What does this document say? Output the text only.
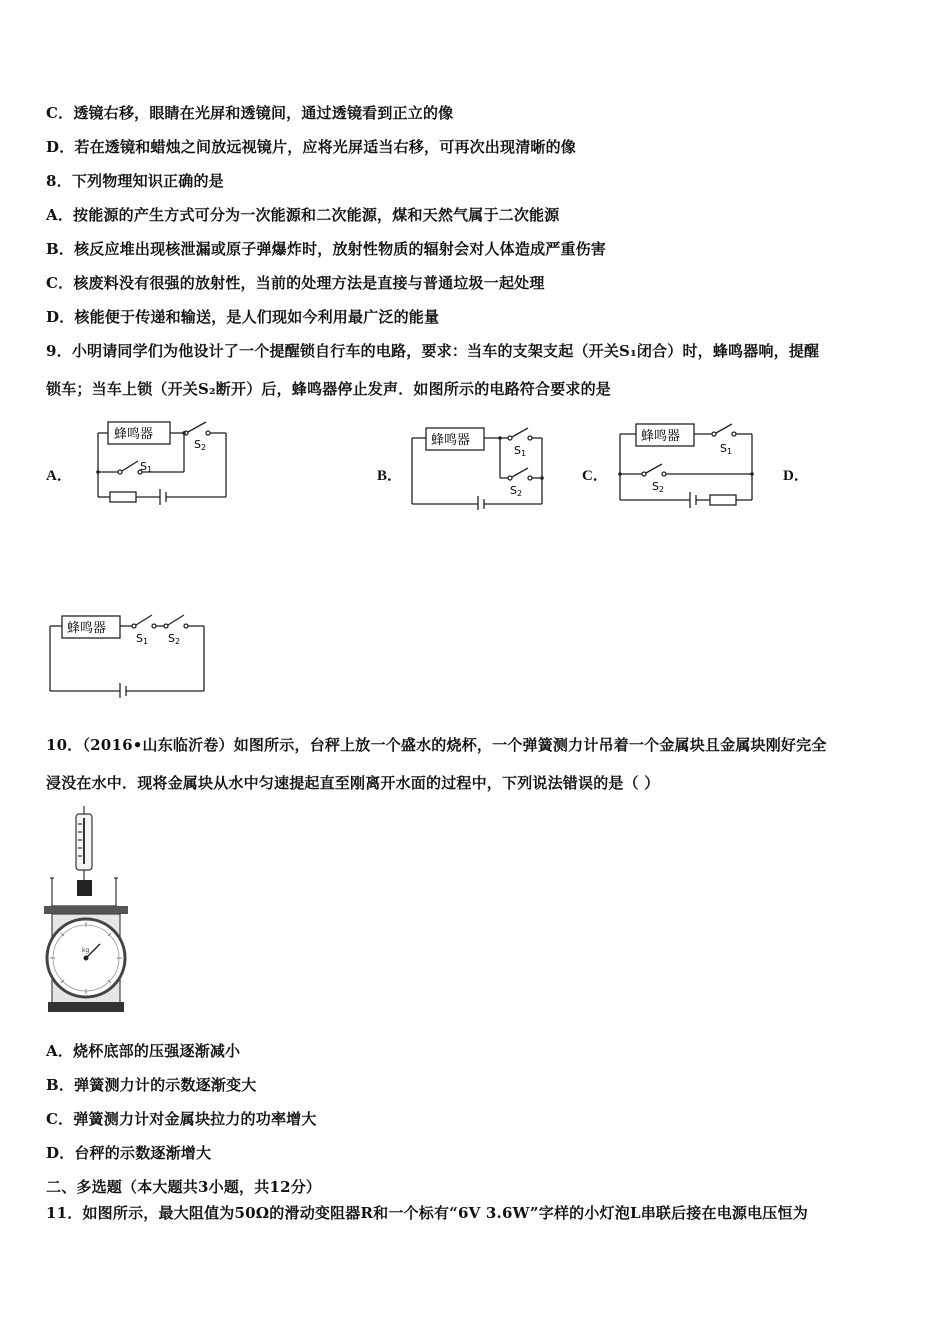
C．透镜右移，眼睛在光屏和透镜间，通过透镜看到正立的像
D．若在透镜和蜡烛之间放远视镜片，应将光屏适当右移，可再次出现清晰的像
8．下列物理知识正确的是
A．按能源的产生方式可分为一次能源和二次能源，煤和天然气属于二次能源
B．核反应堆出现核泄漏或原子弹爆炸时，放射性物质的辐射会对人体造成严重伤害
C．核废料没有很强的放射性，当前的处理方法是直接与普通垃圾一起处理
D．核能便于传递和输送，是人们现如今利用最广泛的能量
9．小明请同学们为他设计了一个提醒锁自行车的电路，要求：当车的支架支起（开关S₁闭合）时，蜂鸣器响，提醒
锁车；当车上锁（开关S₂断开）后，蜂鸣器停止发声．如图所示的电路符合要求的是
A．	B．	C．	D．
蜂鸣器
S2
S1
蜂鸣器
S1
S2
蜂鸣器
S1
S2
蜂鸣器
S1 S2
10．（2016•山东临沂卷）如图所示，台秤上放一个盛水的烧杯，一个弹簧测力计吊着一个金属块且金属块刚好完全
浸没在水中．现将金属块从水中匀速提起直至刚离开水面的过程中，下列说法错误的是（ ）
kg
A．烧杯底部的压强逐渐减小
B．弹簧测力计的示数逐渐变大
C．弹簧测力计对金属块拉力的功率增大
D．台秤的示数逐渐增大
二、多选题（本大题共3小题，共12分）
11．如图所示，最大阻值为50Ω的滑动变阻器R和一个标有“6V 3.6W”字样的小灯泡L串联后接在电源电压恒为
